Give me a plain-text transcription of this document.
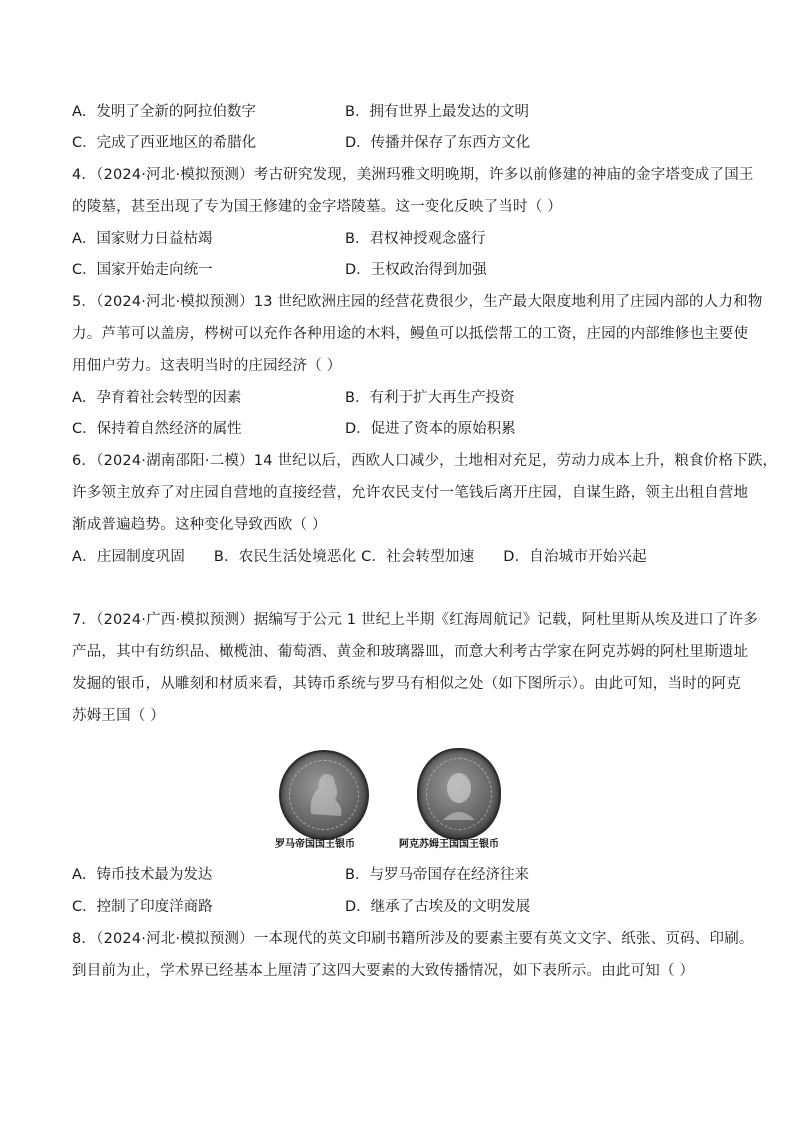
A．发明了全新的阿拉伯数字	B．拥有世界上最发达的文明
C．完成了西亚地区的希腊化	D．传播并保存了东西方文化
4．（2024·河北·模拟预测）考古研究发现，美洲玛雅文明晚期，许多以前修建的神庙的金字塔变成了国王
的陵墓，甚至出现了专为国王修建的金字塔陵墓。这一变化反映了当时（ ）
A．国家财力日益枯竭	B．君权神授观念盛行
C．国家开始走向统一	D．王权政治得到加强
5．（2024·河北·模拟预测）13 世纪欧洲庄园的经营花费很少，生产最大限度地利用了庄园内部的人力和物
力。芦苇可以盖房，梣树可以充作各种用途的木料，鳗鱼可以抵偿帮工的工资，庄园的内部维修也主要使
用佃户劳力。这表明当时的庄园经济（ ）
A．孕育着社会转型的因素	B．有利于扩大再生产投资
C．保持着自然经济的属性	D．促进了资本的原始积累
6．（2024·湖南邵阳·二模）14 世纪以后，西欧人口减少，土地相对充足，劳动力成本上升，粮食价格下跌，
许多领主放弃了对庄园自营地的直接经营，允许农民支付一笔钱后离开庄园，自谋生路，领主出租自营地
渐成普遍趋势。这种变化导致西欧（ ）
A．庄园制度巩固      B．农民生活处境恶化 C．社会转型加速      D．自治城市开始兴起
7．（2024·广西·模拟预测）据编写于公元 1 世纪上半期《红海周航记》记载，阿杜里斯从埃及进口了许多
产品，其中有纺织品、橄榄油、葡萄酒、黄金和玻璃器皿，而意大利考古学家在阿克苏姆的阿杜里斯遗址
发掘的银币，从雕刻和材质来看，其铸币系统与罗马有相似之处（如下图所示）。由此可知，当时的阿克
苏姆王国（ ）
罗马帝国国王银币	阿克苏姆王国国王银币
A．铸币技术最为发达	B．与罗马帝国存在经济往来
C．控制了印度洋商路	D．继承了古埃及的文明发展
8．（2024·河北·模拟预测）一本现代的英文印刷书籍所涉及的要素主要有英文文字、纸张、页码、印刷。
到目前为止，学术界已经基本上厘清了这四大要素的大致传播情况，如下表所示。由此可知（ ）
